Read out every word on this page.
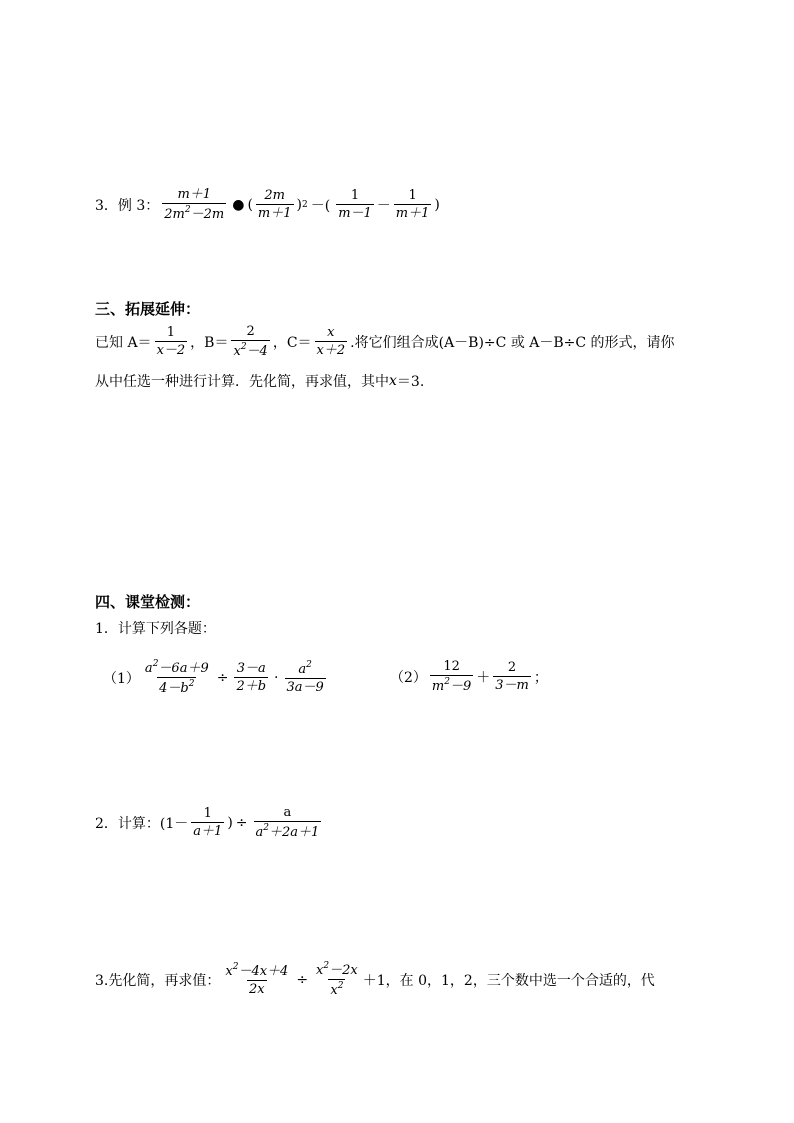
3．例 3： $\frac{m+1}{2m^2-2m}$ ● ( $\frac{2m}{m+1}$ ) 2 －( $\frac{1}{m-1} - \frac{1}{m+1}$ )
三、拓展延伸：
已知 $A= \frac{1}{x-2}$ ，$B= \frac{2}{x^2-4}$ ，$C= \frac{x}{x+2}$ .将它们组合成(A－B)÷C 或 A－B÷C 的形式，请你
从中任选一种进行计算．先化简，再求值，其中 x ＝3.
四、课堂检测：
1．计算下列各题：
$(1) \frac{a^2-6a+9}{4-b^2} \div \frac{3-a}{2+b} \cdot \frac{a^2}{3a-9}$	$(2) \frac{12}{m^2-9} + \frac{2}{3-m}$ ；
2．计算： ($1- \frac{1}{a+1}$ ) ÷ $\frac{a}{a^2+2a+1}$
3.先化简，再求值： $\frac{x^2-4x+4}{2x} \div \frac{x^2-2x}{x^2} +1$，在 0，1，2，三个数中选一个合适的，代
